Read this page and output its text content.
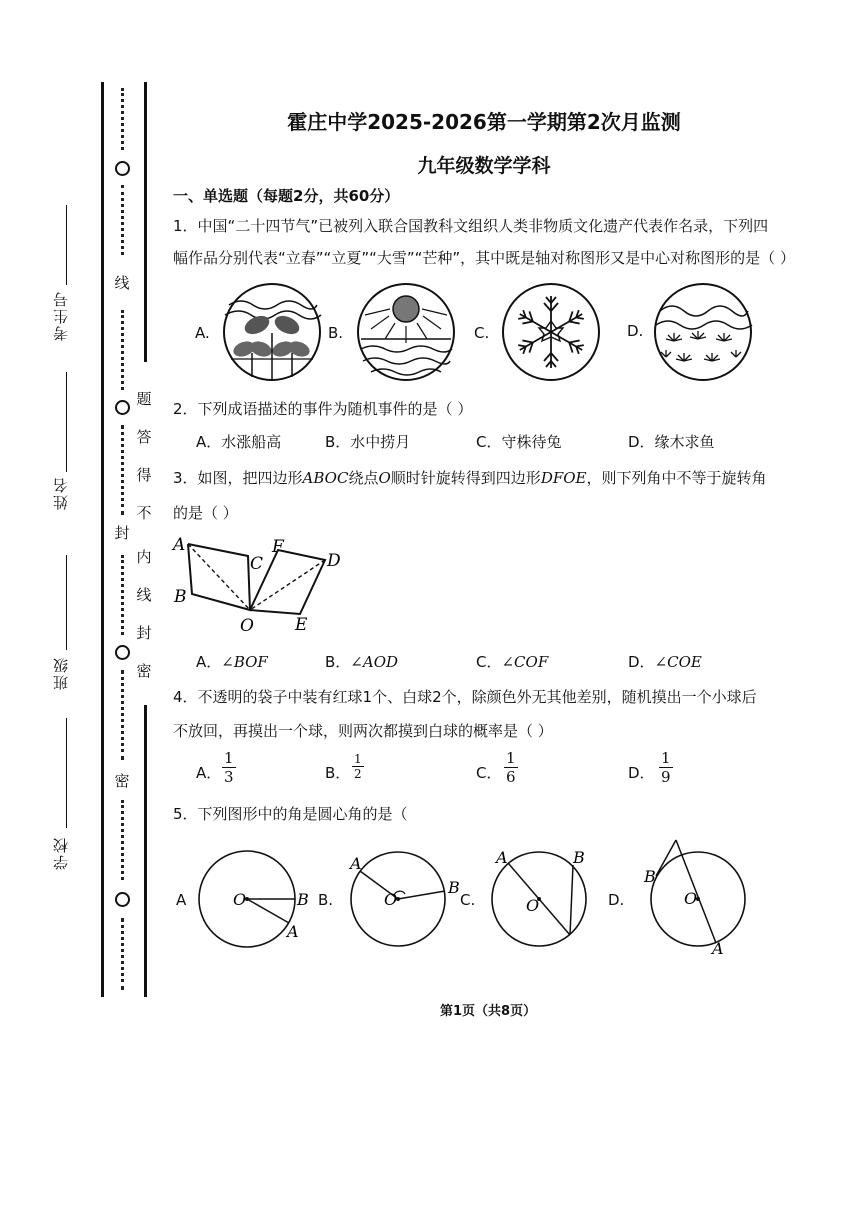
线
封
密
题
答
得
不
内
线
封
密
考生号
姓名
班级
学校
霍庄中学2025-2026第一学期第2次月监测
九年级数学学科
一、单选题（每题2分，共60分）
1．中国“二十四节气”已被列入联合国教科文组织人类非物质文化遗产代表作名录，下列四
幅作品分别代表“立春”“立夏”“大雪”“芒种”，其中既是轴对称图形又是中心对称图形的是（ ）
A.	B.	C.	D.
2．下列成语描述的事件为随机事件的是（ ）
A．水涨船高	B．水中捞月	C．守株待兔	D．缘木求鱼
3．如图，把四边形ABOC绕点O顺时针旋转得到四边形DFOE，则下列角中不等于旋转角
的是（ ）
A
B
C
F
D
O E
A．∠BOF	B．∠AOD	C．∠COF	D．∠COE
4．不透明的袋子中装有红球1个、白球2个，除颜色外无其他差别，随机摸出一个小球后
不放回，再摸出一个球，则两次都摸到白球的概率是（ ）
A． $\frac{1}{3}$	B． $\frac{1}{2}$	C． $\frac{1}{6}$	D． $\frac{1}{9}$
5．下列图形中的角是圆心角的是（
A	B.	C.	D.
O	B
A
A
O
B
A	B
O
B
O
A
第1页（共8页）
